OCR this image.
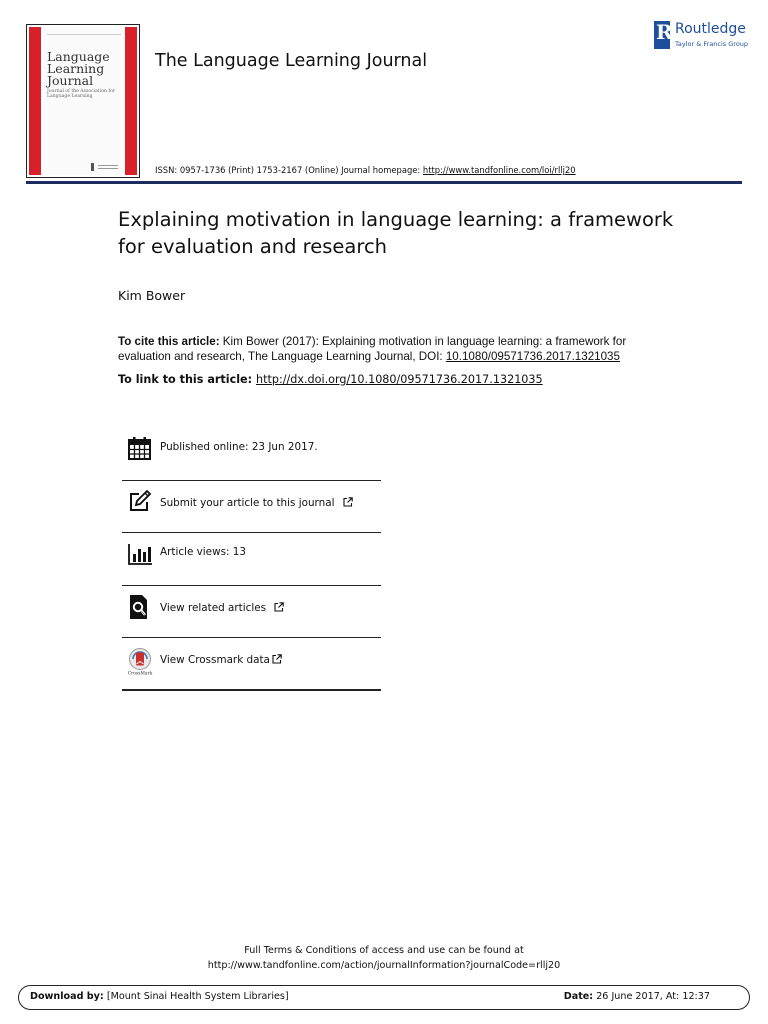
Language
Learning
Journal
Journal of the Association for Language Learning
The Language Learning Journal
ISSN: 0957-1736 (Print) 1753-2167 (Online) Journal homepage: http://www.tandfonline.com/loi/rllj20
R
Routledge
Taylor & Francis Group
Explaining motivation in language learning: a framework for evaluation and research
Kim Bower
To cite this article: Kim Bower (2017): Explaining motivation in language learning: a framework for evaluation and research, The Language Learning Journal, DOI: 10.1080/09571736.2017.1321035
To link to this article: http://dx.doi.org/10.1080/09571736.2017.1321035
Published online: 23 Jun 2017.
Submit your article to this journal
Article views: 13
View related articles
CrossMark
View Crossmark data
Full Terms & Conditions of access and use can be found at
http://www.tandfonline.com/action/journalInformation?journalCode=rllj20
Download by: [Mount Sinai Health System Libraries]	Date: 26 June 2017, At: 12:37
